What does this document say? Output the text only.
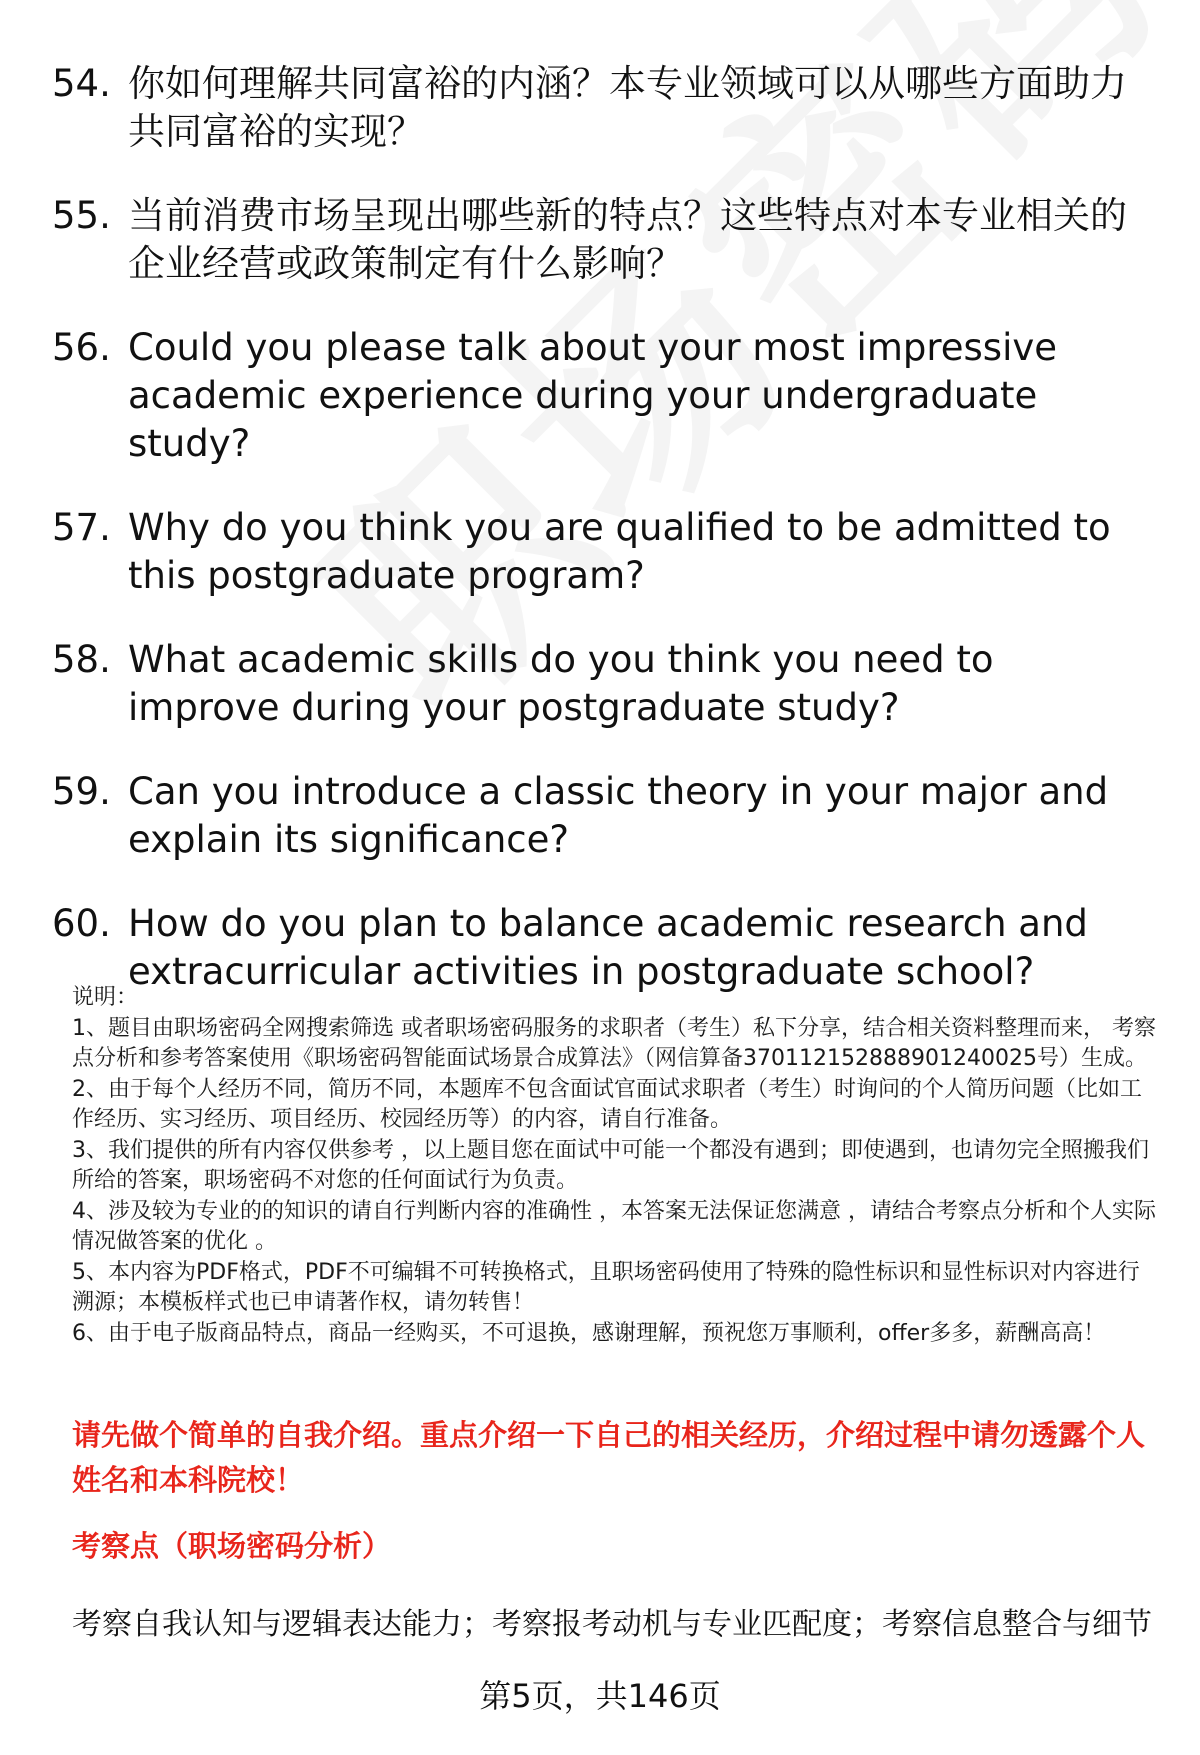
54. 你如何理解共同富裕的内涵？本专业领域可以从哪些方面助力共同富裕的实现？
55. 当前消费市场呈现出哪些新的特点？这些特点对本专业相关的企业经营或政策制定有什么影响？
56. Could you please talk about your most impressive academic experience during your undergraduate study?
57. Why do you think you are qualified to be admitted to this postgraduate program?
58. What academic skills do you think you need to improve during your postgraduate study?
59. Can you introduce a classic theory in your major and explain its significance?
60. How do you plan to balance academic research and extracurricular activities in postgraduate school?

说明：

1、题目由职场密码全网搜索筛选 或者职场密码服务的求职者（考生）私下分享，结合相关资料整理而来， 考察点分析和参考答案使用《职场密码智能面试场景合成算法》（网信算备370112152888901240025号）生成。

2、由于每个人经历不同，简历不同，本题库不包含面试官面试求职者（考生）时询问的个人简历问题（比如工作经历、实习经历、项目经历、校园经历等）的内容，请自行准备。

3、我们提供的所有内容仅供参考 ，以上题目您在面试中可能一个都没有遇到；即使遇到，也请勿完全照搬我们所给的答案，职场密码不对您的任何面试行为负责。

4、涉及较为专业的的知识的请自行判断内容的准确性 ，本答案无法保证您满意 ，请结合考察点分析和个人实际情况做答案的优化 。

5、本内容为PDF格式，PDF不可编辑不可转换格式，且职场密码使用了特殊的隐性标识和显性标识对内容进行溯源；本模板样式也已申请著作权，请勿转售！

6、由于电子版商品特点，商品一经购买，不可退换，感谢理解，预祝您万事顺利，offer多多，薪酬高高！

请先做个简单的自我介绍。重点介绍一下自己的相关经历，介绍过程中请勿透露个人姓名和本科院校！
考察点（职场密码分析）
考察自我认知与逻辑表达能力；考察报考动机与专业匹配度；考察信息整合与细节
第5页，共146页
